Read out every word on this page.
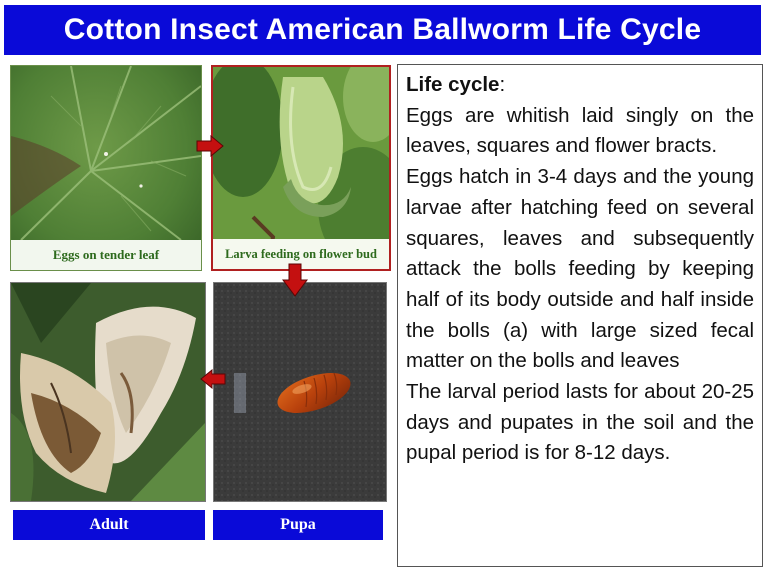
Cotton Insect American Ballworm Life Cycle
Eggs on tender leaf	Larva feeding on flower bud
Adult	Pupa

Life cycle:

Eggs are whitish laid singly on the leaves, squares and flower bracts.

Eggs hatch in 3-4 days and the young larvae after hatching feed on several squares, leaves and subsequently attack the bolls feeding by keeping half of its body outside and half inside the bolls (a) with large sized fecal matter on the bolls and leaves

The larval period lasts for about 20-25 days and pupates in the soil and the pupal period is for 8-12 days.
